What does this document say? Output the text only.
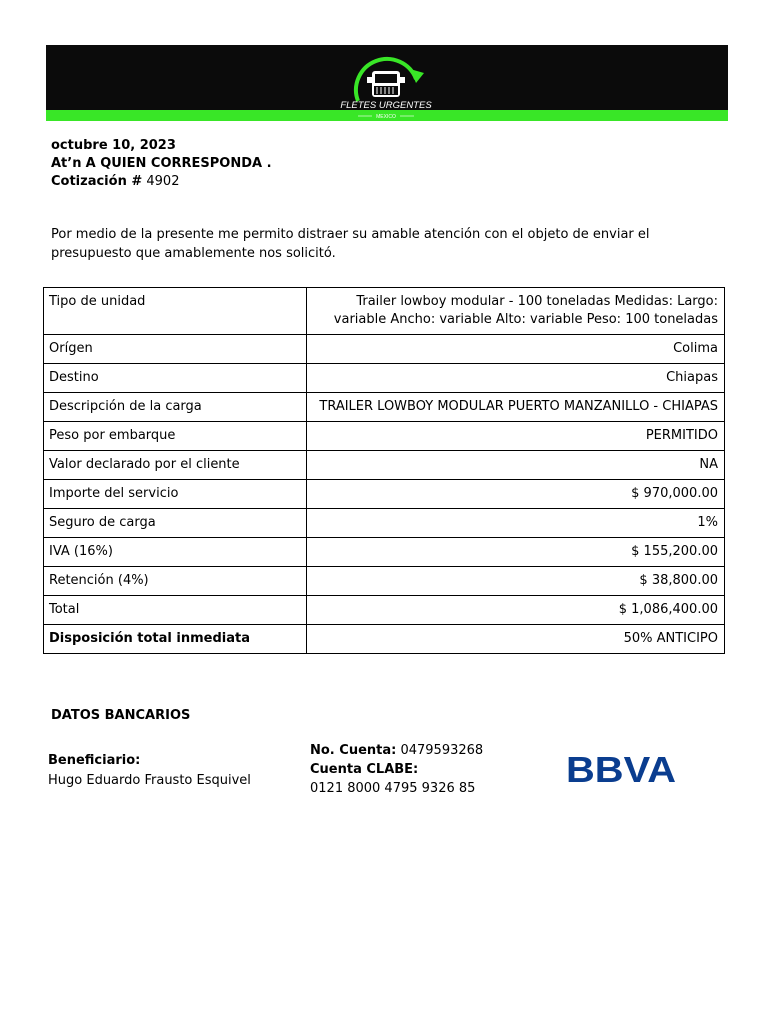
FLETES URGENTES
MEXICO
octubre 10, 2023
At’n A QUIEN CORRESPONDA .
Cotización # 4902
Por medio de la presente me permito distraer su amable atención con el objeto de enviar el presupuesto que amablemente nos solicitó.
Tipo de unidad	Trailer lowboy modular - 100 toneladas Medidas: Largo: variable Ancho: variable Alto: variable Peso: 100 toneladas
Orígen	Colima
Destino	Chiapas
Descripción de la carga	TRAILER LOWBOY MODULAR PUERTO MANZANILLO - CHIAPAS
Peso por embarque	PERMITIDO
Valor declarado por el cliente	NA
Importe del servicio	$ 970,000.00
Seguro de carga	1%
IVA (16%)	$ 155,200.00
Retención (4%)	$ 38,800.00
Total	$ 1,086,400.00
Disposición total inmediata	50% ANTICIPO
DATOS BANCARIOS
Beneficiario:
Hugo Eduardo Frausto Esquivel
No. Cuenta: 0479593268
Cuenta CLABE:
0121 8000 4795 9326 85	BBVA
